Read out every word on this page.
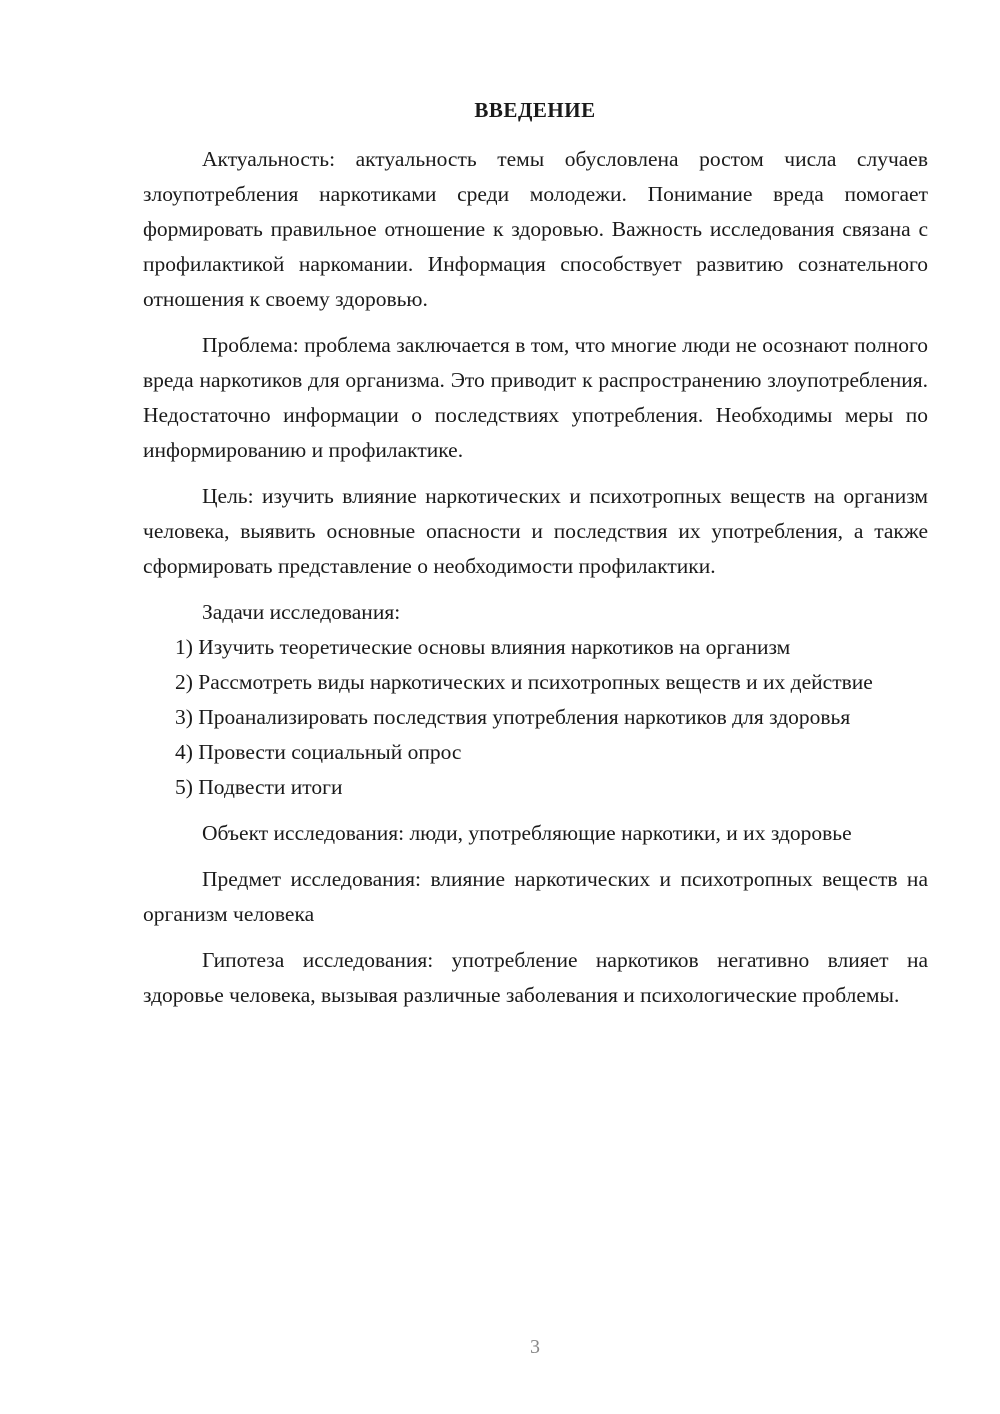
ВВЕДЕНИЕ

Актуальность: актуальность темы обусловлена ростом числа случаев злоупотребления наркотиками среди молодежи. Понимание вреда помогает формировать правильное отношение к здоровью. Важность исследования связана с профилактикой наркомании. Информация способствует развитию сознательного отношения к своему здоровью.

Проблема: проблема заключается в том, что многие люди не осознают полного вреда наркотиков для организма. Это приводит к распространению злоупотребления. Недостаточно информации о последствиях употребления. Необходимы меры по информированию и профилактике.

Цель: изучить влияние наркотических и психотропных веществ на организм человека, выявить основные опасности и последствия их употребления, а также сформировать представление о необходимости профилактики.

Задачи исследования:

1) Изучить теоретические основы влияния наркотиков на организм

2) Рассмотреть виды наркотических и психотропных веществ и их действие

3) Проанализировать последствия употребления наркотиков для здоровья

4) Провести социальный опрос

5) Подвести итоги

Объект исследования: люди, употребляющие наркотики, и их здоровье

Предмет исследования: влияние наркотических и психотропных веществ на организм человека

Гипотеза исследования: употребление наркотиков негативно влияет на здоровье человека, вызывая различные заболевания и психологические проблемы.

3
